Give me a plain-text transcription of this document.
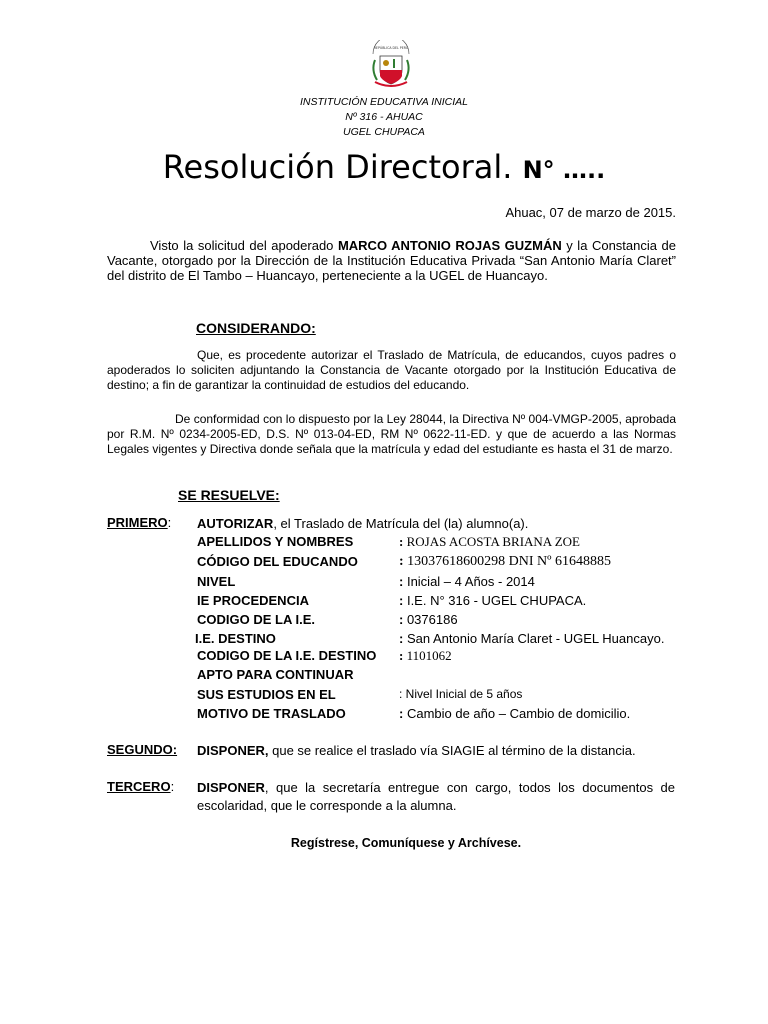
REPÚBLICA DEL PERÚ
INSTITUCIÓN EDUCATIVA INICIAL
Nº 316 - AHUAC
UGEL CHUPACA
Resolución Directoral. N° …..
Ahuac, 07 de marzo de 2015.
Visto la solicitud del apoderado MARCO ANTONIO ROJAS GUZMÁN y la Constancia de Vacante, otorgado por la Dirección de la Institución Educativa Privada “San Antonio María Claret” del distrito de El Tambo – Huancayo, perteneciente a la UGEL de Huancayo.
CONSIDERANDO:
Que, es procedente autorizar el Traslado de Matrícula, de educandos, cuyos padres o apoderados lo soliciten adjuntando la Constancia de Vacante otorgado por la Institución Educativa de destino; a fin de garantizar la continuidad de estudios del educando.
De conformidad con lo dispuesto por la Ley 28044, la Directiva Nº 004-VMGP-2005, aprobada por R.M. Nº 0234-2005-ED, D.S. Nº 013-04-ED, RM Nº 0622-11-ED. y que de acuerdo a las Normas Legales vigentes y Directiva donde señala que la matrícula y edad del estudiante es hasta el 31 de marzo.
SE RESUELVE:
PRIMERO: AUTORIZAR, el Traslado de Matrícula del (la) alumno(a).
APELLIDOS Y NOMBRES	: ROJAS ACOSTA BRIANA ZOE
CÓDIGO DEL EDUCANDO	: 13037618600298 DNI Nº 61648885
NIVEL	: Inicial – 4 Años - 2014
IE PROCEDENCIA	: I.E. N° 316 - UGEL CHUPACA.
CODIGO DE LA I.E.	: 0376186
I.E. DESTINO	: San Antonio María Claret - UGEL Huancayo.
CODIGO DE LA I.E. DESTINO : 1101062
APTO PARA CONTINUAR
SUS ESTUDIOS EN EL	: Nivel Inicial de 5 años
MOTIVO DE TRASLADO	: Cambio de año – Cambio de domicilio.
SEGUNDO: DISPONER, que se realice el traslado vía SIAGIE al término de la distancia.
TERCERO: DISPONER, que la secretaría entregue con cargo, todos los documentos de escolaridad, que le corresponde a la alumna.
Regístrese, Comuníquese y Archívese.
